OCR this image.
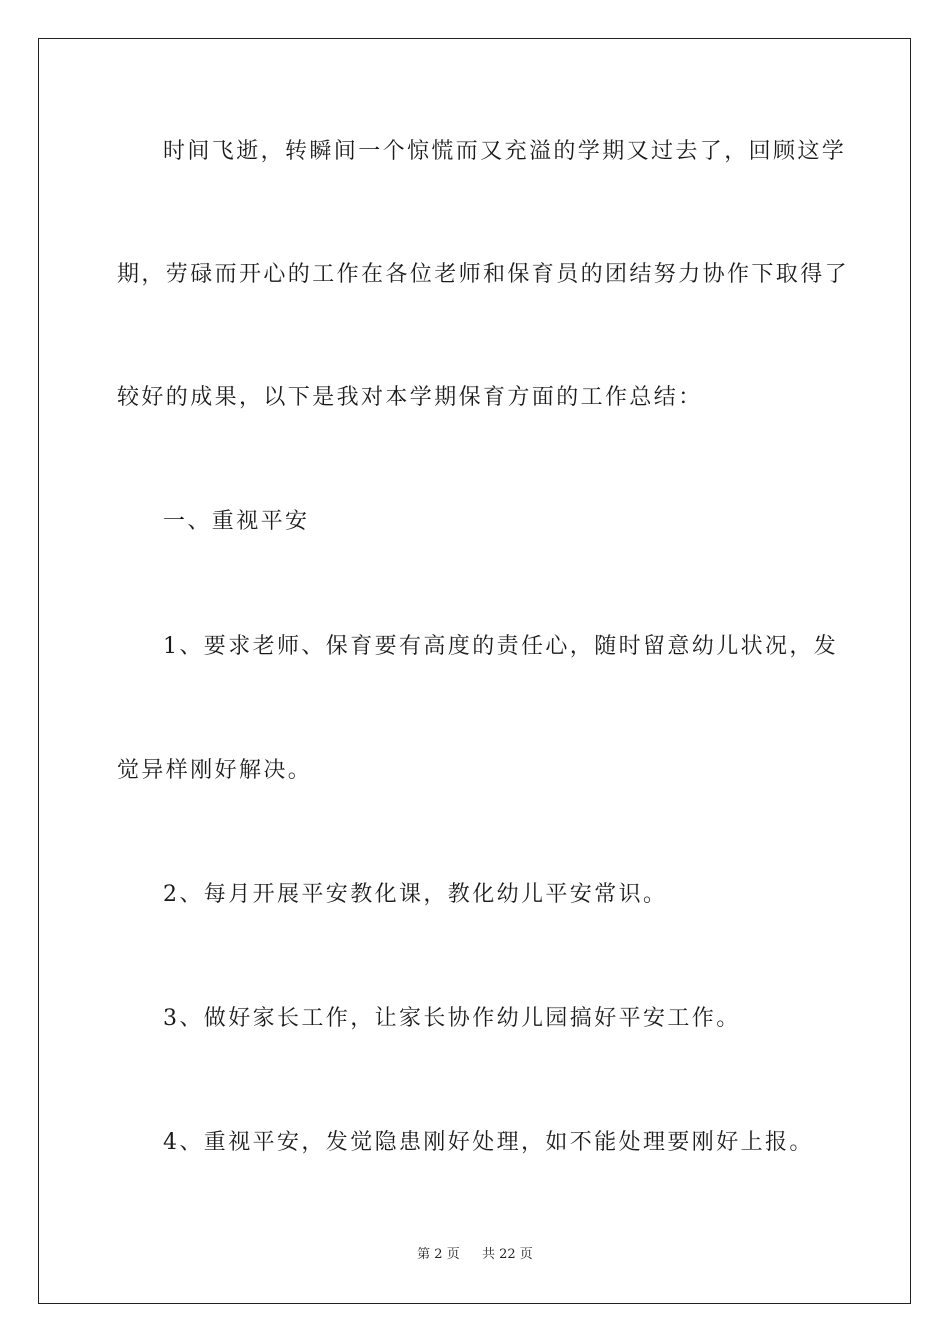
时间飞逝，转瞬间一个惊慌而又充溢的学期又过去了，回顾这学
期，劳碌而开心的工作在各位老师和保育员的团结努力协作下取得了
较好的成果，以下是我对本学期保育方面的工作总结：
一、重视平安
1、要求老师、保育要有高度的责任心，随时留意幼儿状况，发
觉异样刚好解决。
2、每月开展平安教化课，教化幼儿平安常识。
3、做好家长工作，让家长协作幼儿园搞好平安工作。
4、重视平安，发觉隐患刚好处理，如不能处理要刚好上报。
第 2 页 共 22 页
